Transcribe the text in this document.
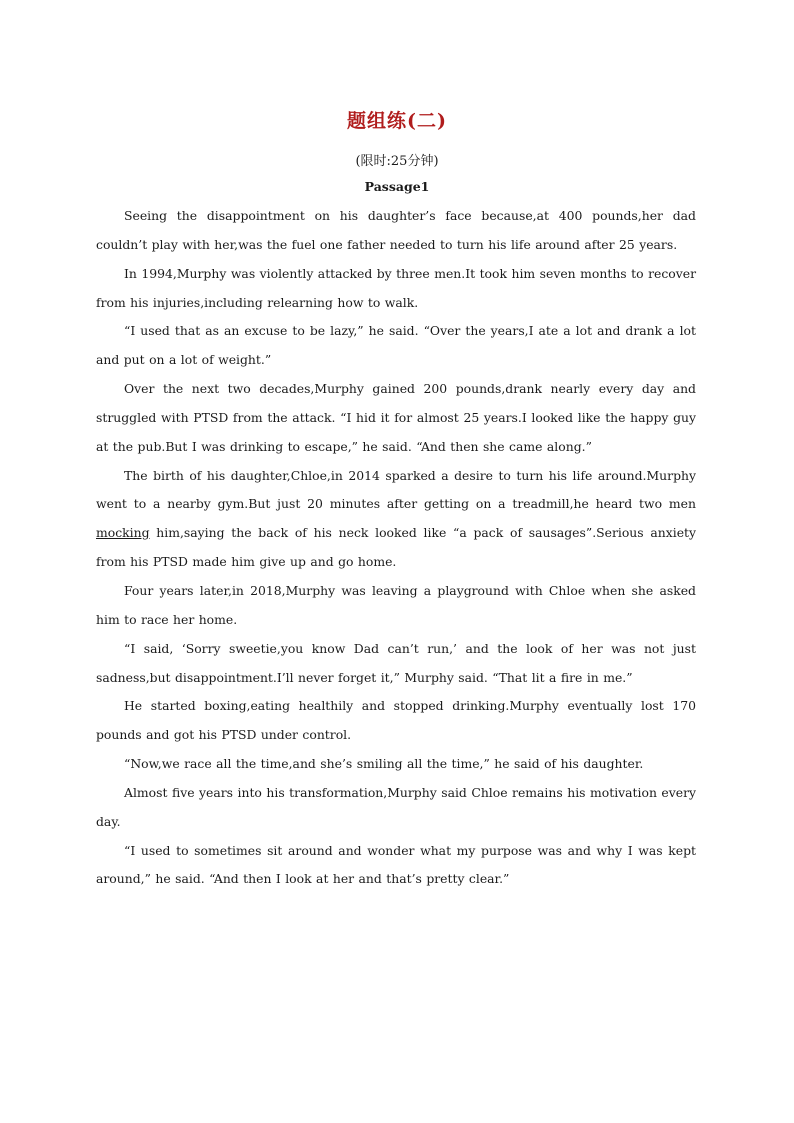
题组练(二)
(限时:25分钟)
Passage1

Seeing the disappointment on his daughter’s face because,at 400 pounds,her dad couldn’t play with her,was the fuel one father needed to turn his life around after 25 years.

In 1994,Murphy was violently attacked by three men.It took him seven months to recover from his injuries,including relearning how to walk.

“I used that as an excuse to be lazy,” he said. “Over the years,I ate a lot and drank a lot and put on a lot of weight.”

Over the next two decades,Murphy gained 200 pounds,drank nearly every day and struggled with PTSD from the attack. “I hid it for almost 25 years.I looked like the happy guy at the pub.But I was drinking to escape,” he said. “And then she came along.”

The birth of his daughter,Chloe,in 2014 sparked a desire to turn his life around.Murphy went to a nearby gym.But just 20 minutes after getting on a treadmill,he heard two men mocking him,saying the back of his neck looked like “a pack of sausages”.Serious anxiety from his PTSD made him give up and go home.

Four years later,in 2018,Murphy was leaving a playground with Chloe when she asked him to race her home.

“I said, ‘Sorry sweetie,you know Dad can’t run,’ and the look of her was not just sadness,but disappointment.I’ll never forget it,” Murphy said. “That lit a fire in me.”

He started boxing,eating healthily and stopped drinking.Murphy eventually lost 170 pounds and got his PTSD under control.

“Now,we race all the time,and she’s smiling all the time,” he said of his daughter.

Almost five years into his transformation,Murphy said Chloe remains his motivation every day.

“I used to sometimes sit around and wonder what my purpose was and why I was kept around,” he said. “And then I look at her and that’s pretty clear.”
